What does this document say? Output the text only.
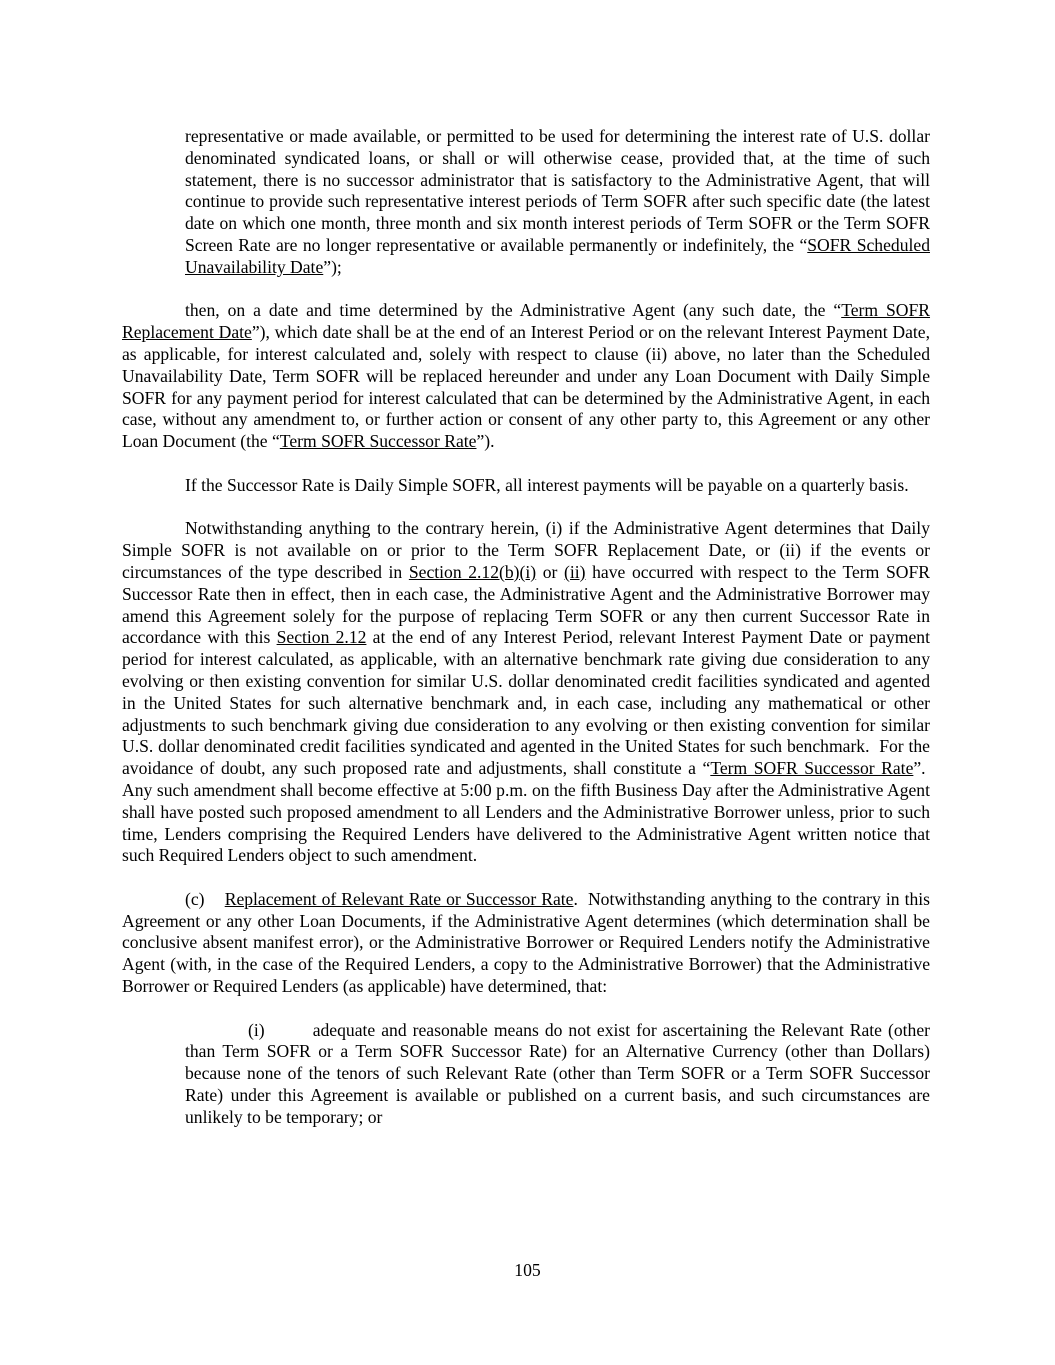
representative or made available, or permitted to be used for determining the interest rate of U.S. dollar denominated syndicated loans, or shall or will otherwise cease, provided that, at the time of such statement, there is no successor administrator that is satisfactory to the Administrative Agent, that will continue to provide such representative interest periods of Term SOFR after such specific date (the latest date on which one month, three month and six month interest periods of Term SOFR or the Term SOFR Screen Rate are no longer representative or available permanently or indefinitely, the “SOFR Scheduled Unavailability Date”);

then, on a date and time determined by the Administrative Agent (any such date, the “Term SOFR Replacement Date”), which date shall be at the end of an Interest Period or on the relevant Interest Payment Date, as applicable, for interest calculated and, solely with respect to clause (ii) above, no later than the Scheduled Unavailability Date, Term SOFR will be replaced hereunder and under any Loan Document with Daily Simple SOFR for any payment period for interest calculated that can be determined by the Administrative Agent, in each case, without any amendment to, or further action or consent of any other party to, this Agreement or any other Loan Document (the “Term SOFR Successor Rate”).

If the Successor Rate is Daily Simple SOFR, all interest payments will be payable on a quarterly basis.

Notwithstanding anything to the contrary herein, (i) if the Administrative Agent determines that Daily Simple SOFR is not available on or prior to the Term SOFR Replacement Date, or (ii) if the events or circumstances of the type described in Section 2.12(b)(i) or (ii) have occurred with respect to the Term SOFR Successor Rate then in effect, then in each case, the Administrative Agent and the Administrative Borrower may amend this Agreement solely for the purpose of replacing Term SOFR or any then current Successor Rate in accordance with this Section 2.12 at the end of any Interest Period, relevant Interest Payment Date or payment period for interest calculated, as applicable, with an alternative benchmark rate giving due consideration to any evolving or then existing convention for similar U.S. dollar denominated credit facilities syndicated and agented in the United States for such alternative benchmark and, in each case, including any mathematical or other adjustments to such benchmark giving due consideration to any evolving or then existing convention for similar U.S. dollar denominated credit facilities syndicated and agented in the United States for such benchmark.  For the avoidance of doubt, any such proposed rate and adjustments, shall constitute a “Term SOFR Successor Rate”.  Any such amendment shall become effective at 5:00 p.m. on the fifth Business Day after the Administrative Agent shall have posted such proposed amendment to all Lenders and the Administrative Borrower unless, prior to such time, Lenders comprising the Required Lenders have delivered to the Administrative Agent written notice that such Required Lenders object to such amendment.

(c)    Replacement of Relevant Rate or Successor Rate.  Notwithstanding anything to the contrary in this Agreement or any other Loan Documents, if the Administrative Agent determines (which determination shall be conclusive absent manifest error), or the Administrative Borrower or Required Lenders notify the Administrative Agent (with, in the case of the Required Lenders, a copy to the Administrative Borrower) that the Administrative Borrower or Required Lenders (as applicable) have determined, that:

(i)        adequate and reasonable means do not exist for ascertaining the Relevant Rate (other than Term SOFR or a Term SOFR Successor Rate) for an Alternative Currency (other than Dollars) because none of the tenors of such Relevant Rate (other than Term SOFR or a Term SOFR Successor Rate) under this Agreement is available or published on a current basis, and such circumstances are unlikely to be temporary; or

105
